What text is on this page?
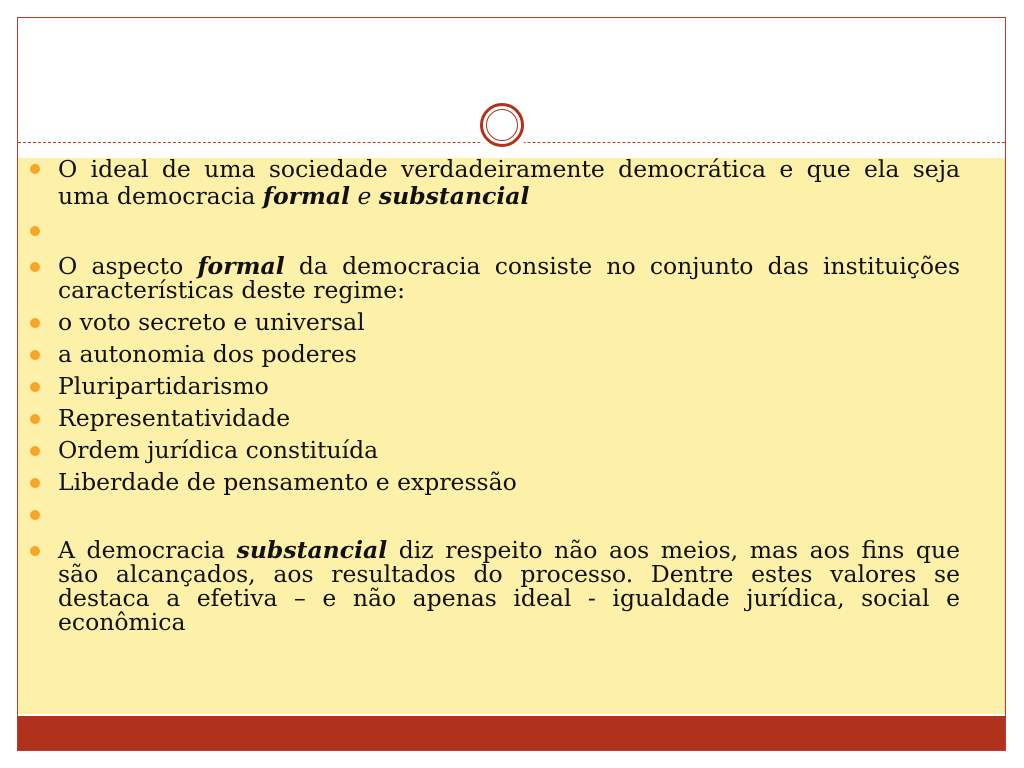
O ideal de uma sociedade verdadeiramente democrática e que ela seja uma democracia formal e substancial
O aspecto formal da democracia consiste no conjunto das instituições características deste regime:
o voto secreto e universal
a autonomia dos poderes
Pluripartidarismo
Representatividade
Ordem jurídica constituída
Liberdade de pensamento e expressão
A democracia substancial diz respeito não aos meios, mas aos fins que são alcançados, aos resultados do processo. Dentre estes valores se destaca a efetiva – e não apenas ideal - igualdade jurídica, social e econômica
